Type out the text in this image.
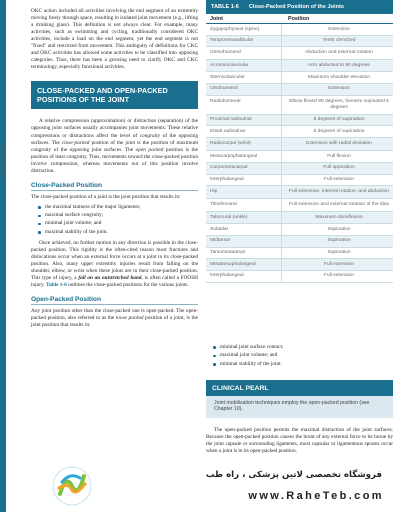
ANATOMY

OKC action included all activities involving the end segment of an extremity moving freely through space, resulting in isolated joint movement (e.g., lifting a drinking glass). This definition is not always clear. For example, many activities, such as swimming and cycling, traditionally considered OKC activities, include a load on the end segment, yet the end segment is not "fixed" and restricted from movement. This ambiguity of definitions for CKC and OKC activities has allowed some activities to be classified into opposing categories. Thus, there has been a growing need to clarify OKC and CKC terminology, especially functional activities.

CLOSE-PACKED AND OPEN-PACKED POSITIONS OF THE JOINT

A relative compression (approximation) or distraction (separation) of the opposing joint surfaces usually accompanies joint movements. These relative compressions or distractions affect the level of congruity of the opposing surfaces. The close-packed position of the joint is the position of maximum congruity of the opposing joint surfaces. The open packed position is the position of least congruity. Thus, movements toward the close-packed position involve compression, whereas movements out of this position involve distraction.

Close-Packed Position

The close-packed position of a joint is the joint position that results in:

the maximal tautness of the major ligaments;
maximal surface congruity;
minimal joint volume; and
maximal stability of the joint.

Once achieved, no further motion in any direction is possible in the close-packed position. This rigidity is the often-cited reason most fractures and dislocations occur when an external force occurs at a joint in its close-packed position. Also, many upper extremity injuries result from falling on the shoulder, elbow, or wrist when these joints are in their close-packed position. This type of injury, a fall on an outstretched hand, is often called a FOOSH injury. Table 1-6 outlines the close-packed positions for the various joints.

Open-Packed Position

Any joint position other than the close-packed one is open-packed. The open-packed position, also referred to as the loose packed position of a joint, is the joint position that results in:

TABLE 1-6 Close-Packed Position of the Joints
Joint	Position
Zygapophyseal (spine)	Extension
Temporomandibular	Teeth clenched
Glenohumeral	Abduction and external rotation
Acromioclavicular	Arm abducted to 90 degrees
Sternoclavicular	Maximum shoulder elevation
Ulnohumeral	Extension
Radiohumeral	Elbow flexed 90 degrees, forearm supinated 5 degrees
Proximal radioulnar	5 degrees of supination
Distal radioulnar	5 degrees of supination
Radiocarpal (wrist)	Extension with radial deviation
Metacarpophalangeal	Full flexion
Carpometacarpal	Full opposition
Interphalangeal	Full extension
Hip	Full extension, internal rotation, and abduction
Tibiofemoral	Full extension and external rotation of the tibia
Talocrural (ankle)	Maximum dorsiflexion
Subtalar	Supination
Midtarsal	Supination
Tarsometatarsal	Supination
Metatarsophalangeal	Full extension
Interphalangeal	Full extension
minimal joint surface contact;
maximal joint volume; and
minimal stability of the joint.
CLINICAL PEARL
Joint mobilization techniques employ the open-packed position (see Chapter 10).

The open-packed position permits the maximal distraction of the joint surfaces. Because the open-packed position causes the brunt of any external force to be borne by the joint capsule or surrounding ligaments, most capsular or ligamentous sprains occur when a joint is in its open-packed position.

فروشگاه تخصصی لاتین پزشکی ، راه طب
www.RaheTeb.com
